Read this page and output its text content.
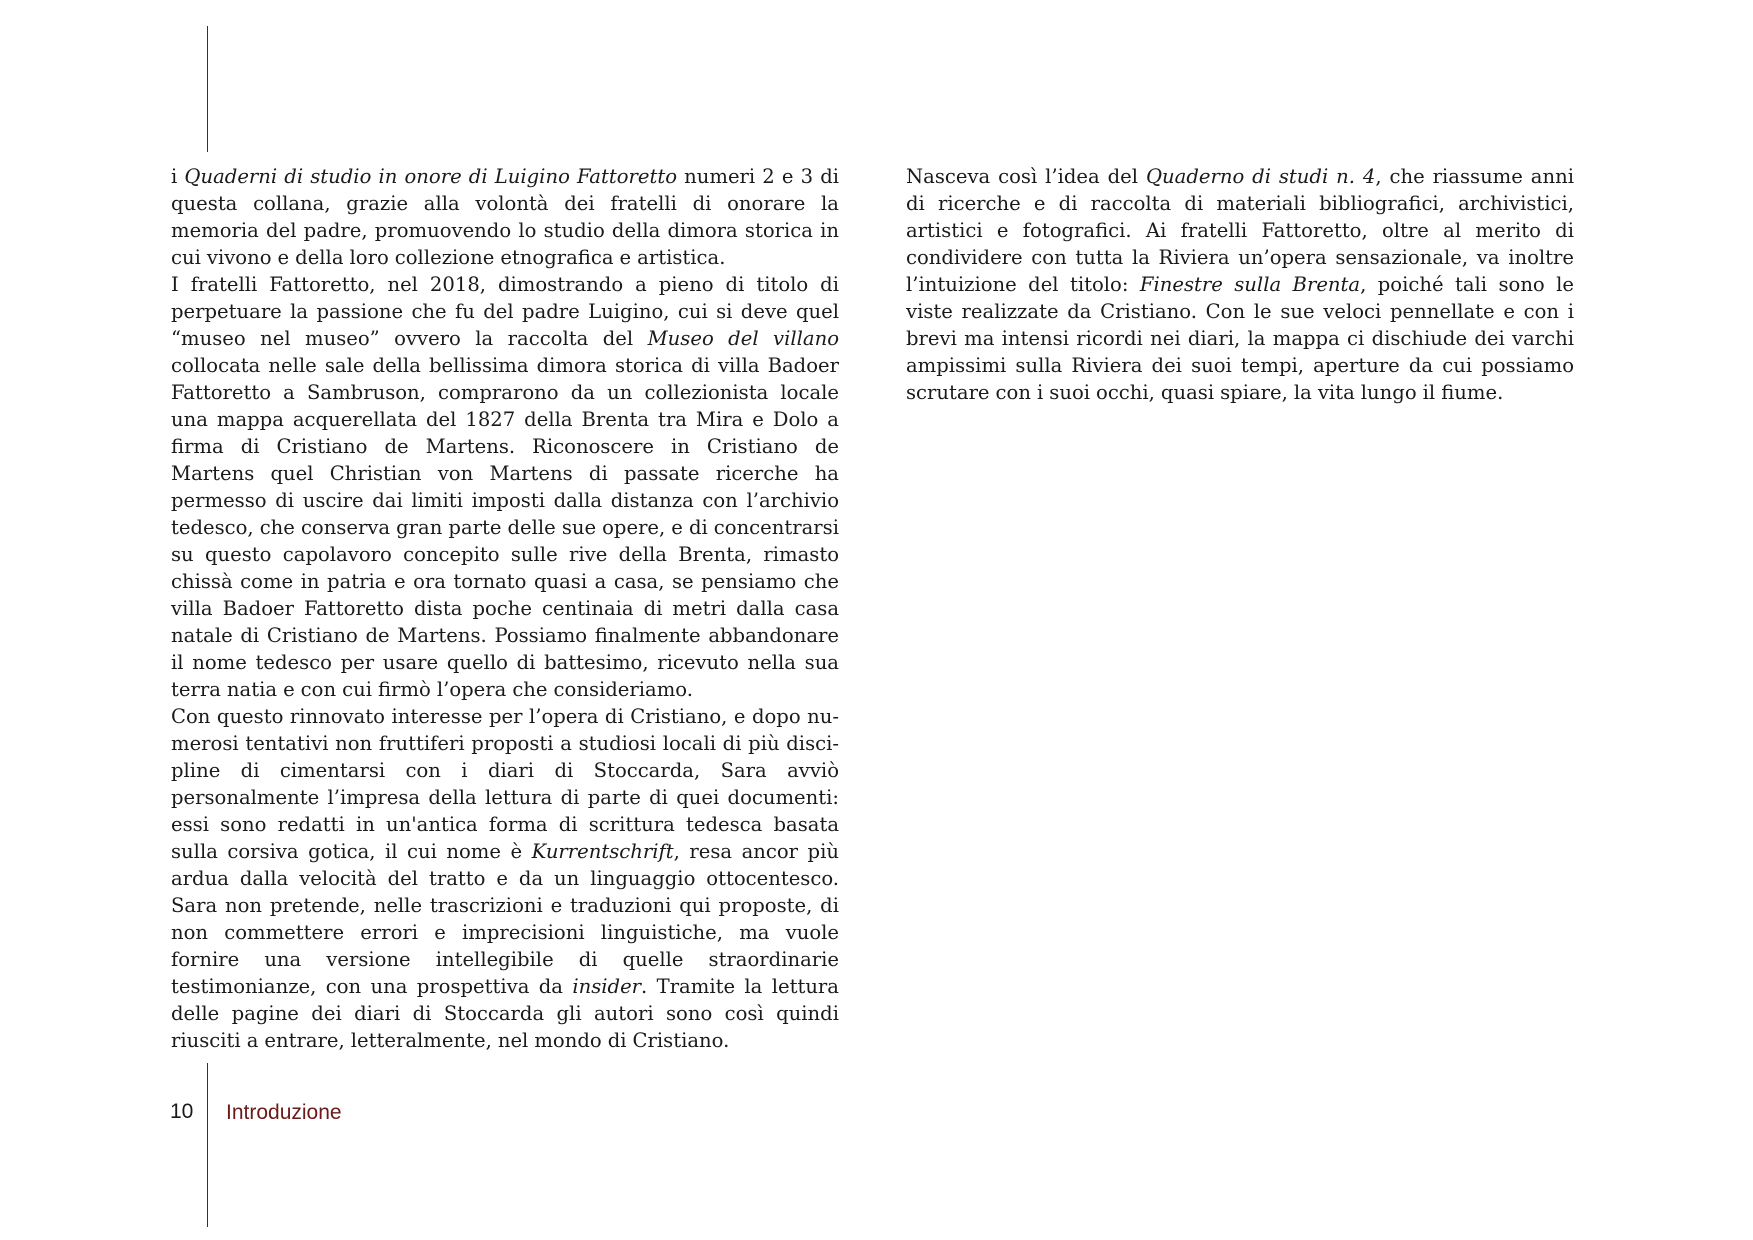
i Quaderni di studio in onore di Luigino Fattoretto numeri 2 e 3 di questa collana, grazie alla volontà dei fratelli di onorare la memoria del padre, promuovendo lo studio della dimora storica in cui vivono e della loro collezione etnografica e artistica.

I fratelli Fattoretto, nel 2018, dimostrando a pieno di titolo di perpetuare la passione che fu del padre Luigino, cui si deve quel “museo nel museo” ovvero la raccolta del Museo del villano collocata nelle sale della bellissima dimora storica di villa Badoer Fattoretto a Sambruson, comprarono da un collezionista locale una mappa acquerellata del 1827 della Brenta tra Mira e Dolo a firma di Cristiano de Martens. Riconoscere in Cristiano de Martens quel Christian von Martens di passate ricerche ha permesso di uscire dai limiti imposti dalla distanza con l’archivio tedesco, che conserva gran parte delle sue opere, e di concentrarsi su questo capolavoro concepito sulle rive della Brenta, rimasto chissà come in patria e ora tornato quasi a casa, se pensiamo che villa Badoer Fattoretto dista poche centinaia di metri dalla casa natale di Cristiano de Martens. Possiamo finalmente abbandonare il nome tedesco per usare quello di battesimo, ricevuto nella sua terra natia e con cui firmò l’opera che consideriamo.

Con questo rinnovato interesse per l’opera di Cristiano, e dopo numerosi tentativi non fruttiferi proposti a studiosi locali di più discipline di cimentarsi con i diari di Stoccarda, Sara avviò personalmente l’impresa della lettura di parte di quei documenti: essi sono redatti in un'antica forma di scrittura tedesca basata sulla corsiva gotica, il cui nome è Kurrentschrift, resa ancor più ardua dalla velocità del tratto e da un linguaggio ottocentesco. Sara non pretende, nelle trascrizioni e traduzioni qui proposte, di non commettere errori e imprecisioni linguistiche, ma vuole fornire una versione intellegibile di quelle straordinarie testimonianze, con una prospettiva da insider. Tramite la lettura delle pagine dei diari di Stoccarda gli autori sono così quindi riusciti a entrare, letteralmente, nel mondo di Cristiano.

Nasceva così l’idea del Quaderno di studi n. 4, che riassume anni di ricerche e di raccolta di materiali bibliografici, archivistici, artistici e fotografici. Ai fratelli Fattoretto, oltre al merito di condividere con tutta la Riviera un’opera sensazionale, va inoltre l’intuizione del titolo: Finestre sulla Brenta, poiché tali sono le viste realizzate da Cristiano. Con le sue veloci pennellate e con i brevi ma intensi ricordi nei diari, la mappa ci dischiude dei varchi ampissimi sulla Riviera dei suoi tempi, aperture da cui possiamo scrutare con i suoi occhi, quasi spiare, la vita lungo il fiume.

10 Introduzione
